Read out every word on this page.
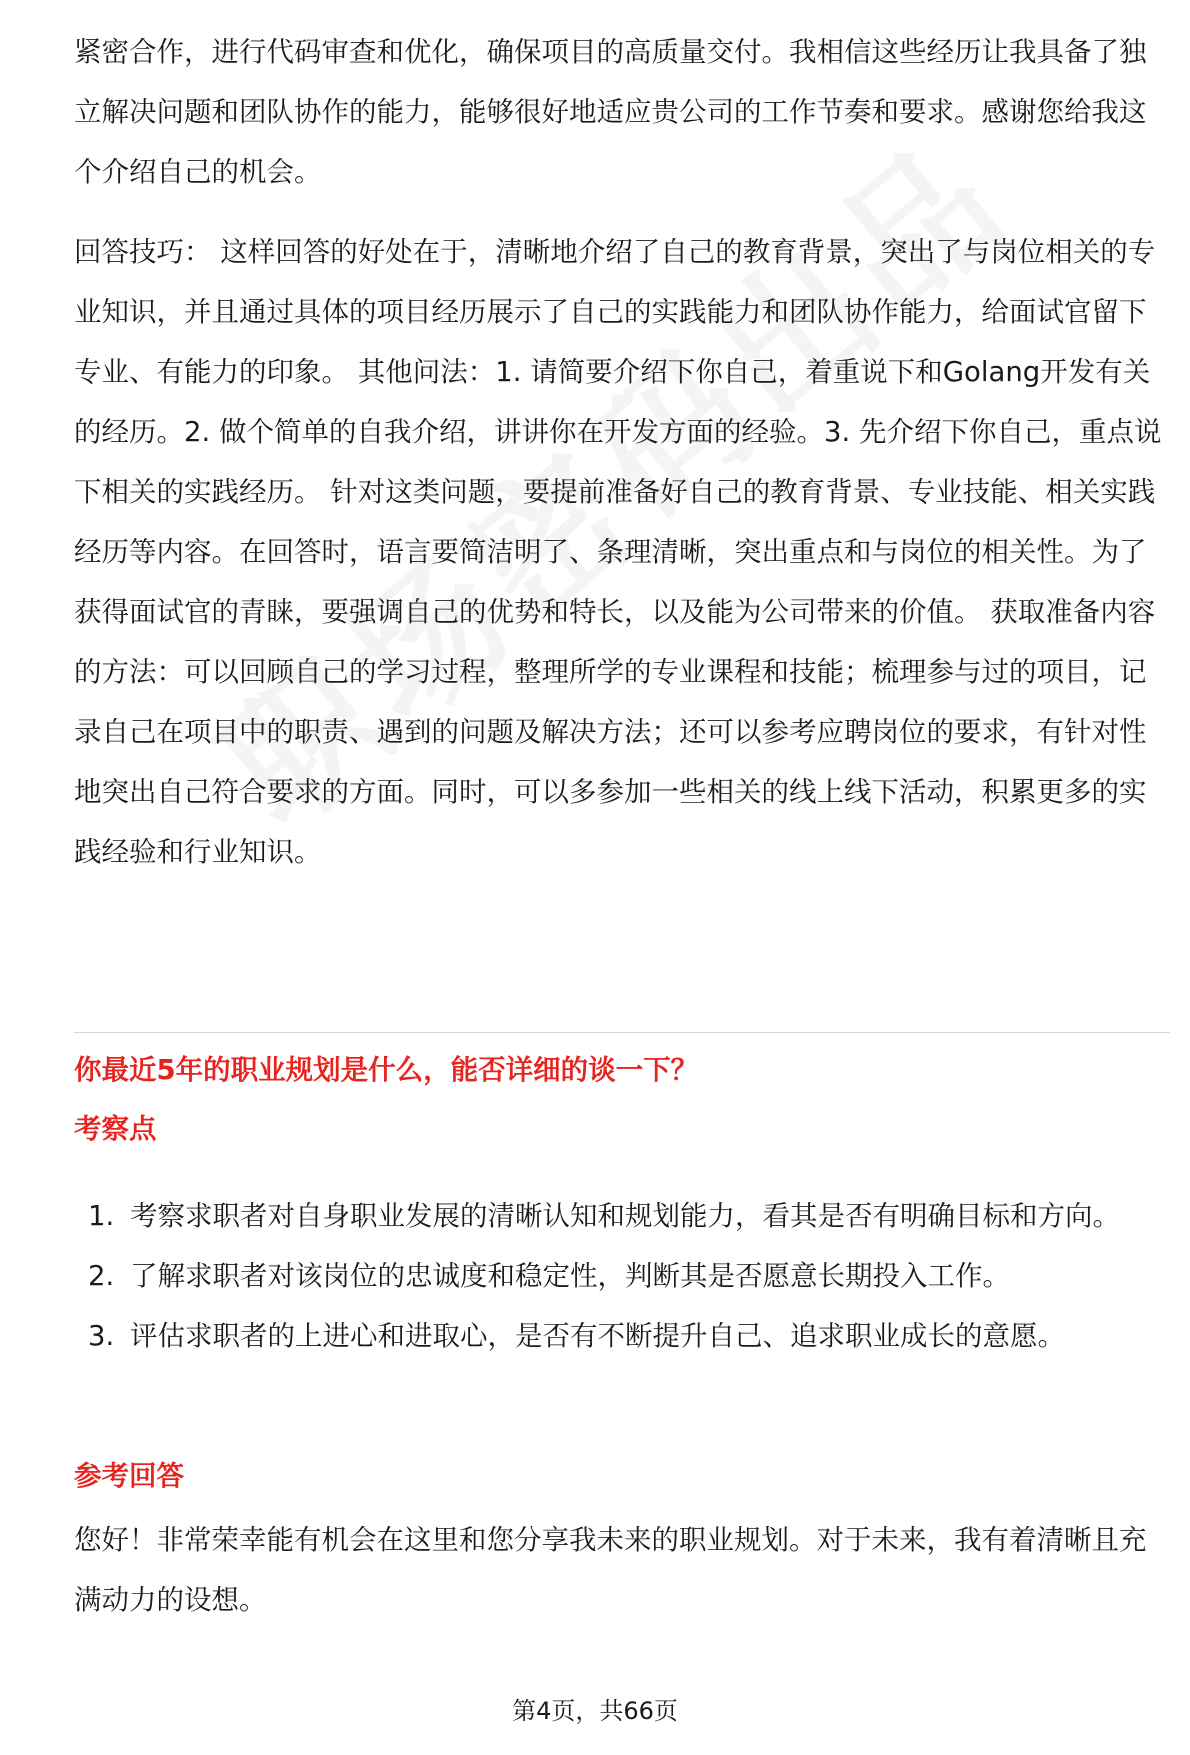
紧密合作，进行代码审查和优化，确保项目的高质量交付。我相信这些经历让我具备了独立解决问题和团队协作的能力，能够很好地适应贵公司的工作节奏和要求。感谢您给我这个介绍自己的机会。

回答技巧： 这样回答的好处在于，清晰地介绍了自己的教育背景，突出了与岗位相关的专业知识，并且通过具体的项目经历展示了自己的实践能力和团队协作能力，给面试官留下专业、有能力的印象。 其他问法：1. 请简要介绍下你自己，着重说下和Golang开发有关的经历。2. 做个简单的自我介绍，讲讲你在开发方面的经验。3. 先介绍下你自己，重点说下相关的实践经历。 针对这类问题，要提前准备好自己的教育背景、专业技能、相关实践经历等内容。在回答时，语言要简洁明了、条理清晰，突出重点和与岗位的相关性。为了获得面试官的青睐，要强调自己的优势和特长，以及能为公司带来的价值。 获取准备内容的方法：可以回顾自己的学习过程，整理所学的专业课程和技能；梳理参与过的项目，记录自己在项目中的职责、遇到的问题及解决方法；还可以参考应聘岗位的要求，有针对性地突出自己符合要求的方面。同时，可以多参加一些相关的线上线下活动，积累更多的实践经验和行业知识。

你最近5年的职业规划是什么，能否详细的谈一下？
考察点
1. 考察求职者对自身职业发展的清晰认知和规划能力，看其是否有明确目标和方向。
2. 了解求职者对该岗位的忠诚度和稳定性，判断其是否愿意长期投入工作。
3. 评估求职者的上进心和进取心，是否有不断提升自己、追求职业成长的意愿。
参考回答

您好！非常荣幸能有机会在这里和您分享我未来的职业规划。对于未来，我有着清晰且充满动力的设想。

第4页，共66页
